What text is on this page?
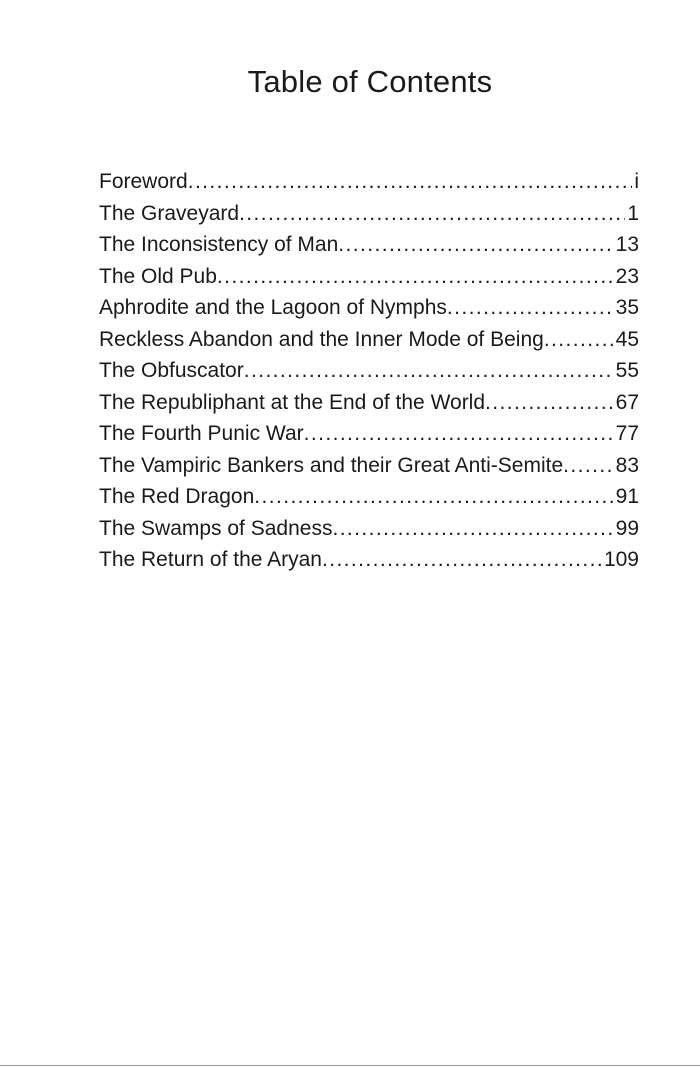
Table of Contents
Foreword .....	i
The Graveyard .....	1
The Inconsistency of Man .....	13
The Old Pub .....	23
Aphrodite and the Lagoon of Nymphs .....	35
Reckless Abandon and the Inner Mode of Being .....	45
The Obfuscator .....	55
The Republiphant at the End of the World .....	67
The Fourth Punic War .....	77
The Vampiric Bankers and their Great Anti-Semite ..... 83
The Red Dragon .....	91
The Swamps of Sadness .....	99
The Return of the Aryan .....	109
